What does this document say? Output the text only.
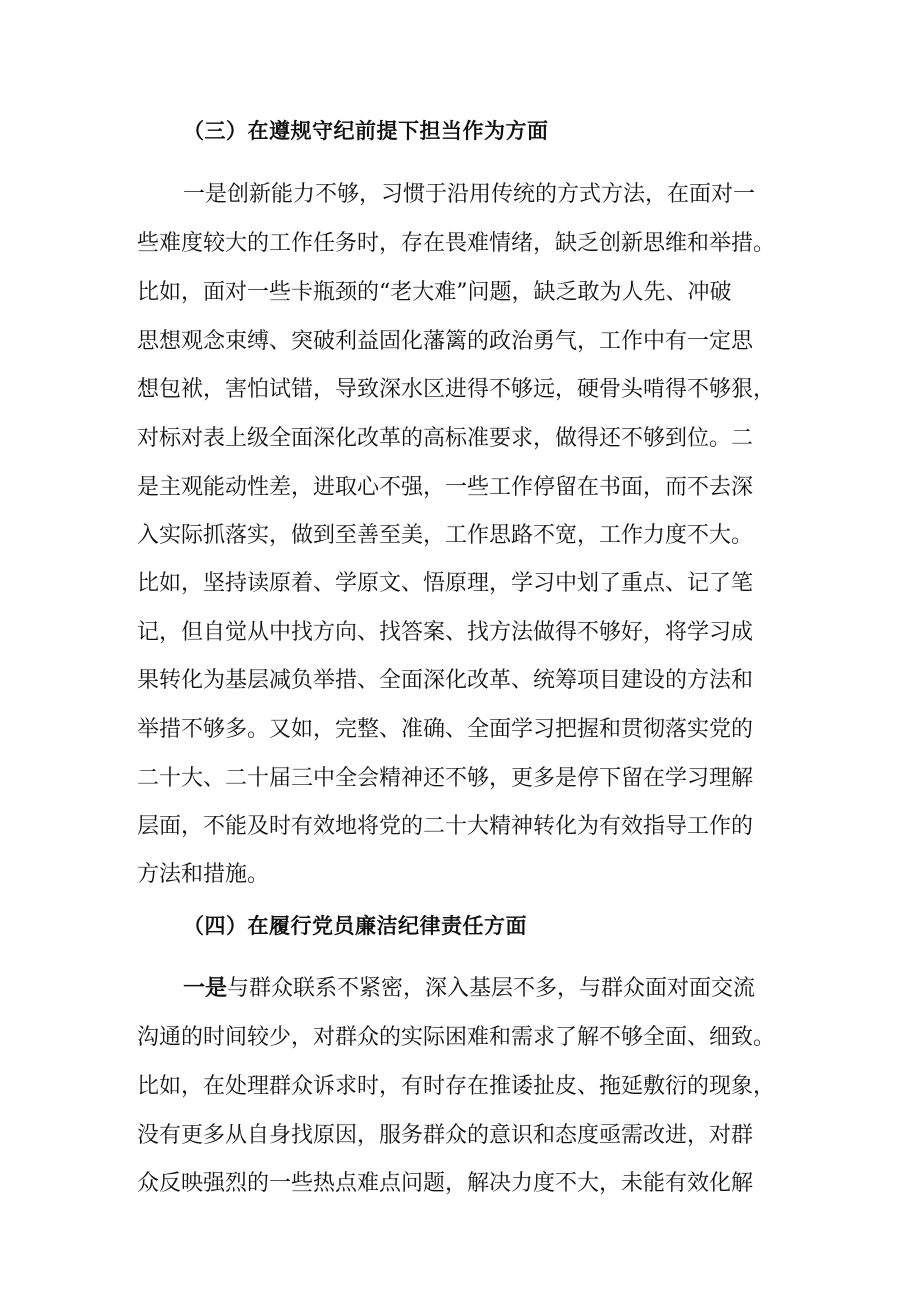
（三）在遵规守纪前提下担当作为方面
一是创新能力不够，习惯于沿用传统的方式方法，在面对一
些难度较大的工作任务时，存在畏难情绪，缺乏创新思维和举措。
比如，面对一些卡瓶颈的“老大难”问题，缺乏敢为人先、冲破
思想观念束缚、突破利益固化藩篱的政治勇气，工作中有一定思
想包袱，害怕试错，导致深水区进得不够远，硬骨头啃得不够狠，
对标对表上级全面深化改革的高标准要求，做得还不够到位。二
是主观能动性差，进取心不强，一些工作停留在书面，而不去深
入实际抓落实，做到至善至美，工作思路不宽，工作力度不大。
比如，坚持读原着、学原文、悟原理，学习中划了重点、记了笔
记，但自觉从中找方向、找答案、找方法做得不够好，将学习成
果转化为基层减负举措、全面深化改革、统筹项目建设的方法和
举措不够多。又如，完整、准确、全面学习把握和贯彻落实党的
二十大、二十届三中全会精神还不够，更多是停下留在学习理解
层面，不能及时有效地将党的二十大精神转化为有效指导工作的
方法和措施。
（四）在履行党员廉洁纪律责任方面
一是与群众联系不紧密，深入基层不多，与群众面对面交流
沟通的时间较少，对群众的实际困难和需求了解不够全面、细致。
比如，在处理群众诉求时，有时存在推诿扯皮、拖延敷衍的现象，
没有更多从自身找原因，服务群众的意识和态度亟需改进，对群
众反映强烈的一些热点难点问题，解决力度不大，未能有效化解
